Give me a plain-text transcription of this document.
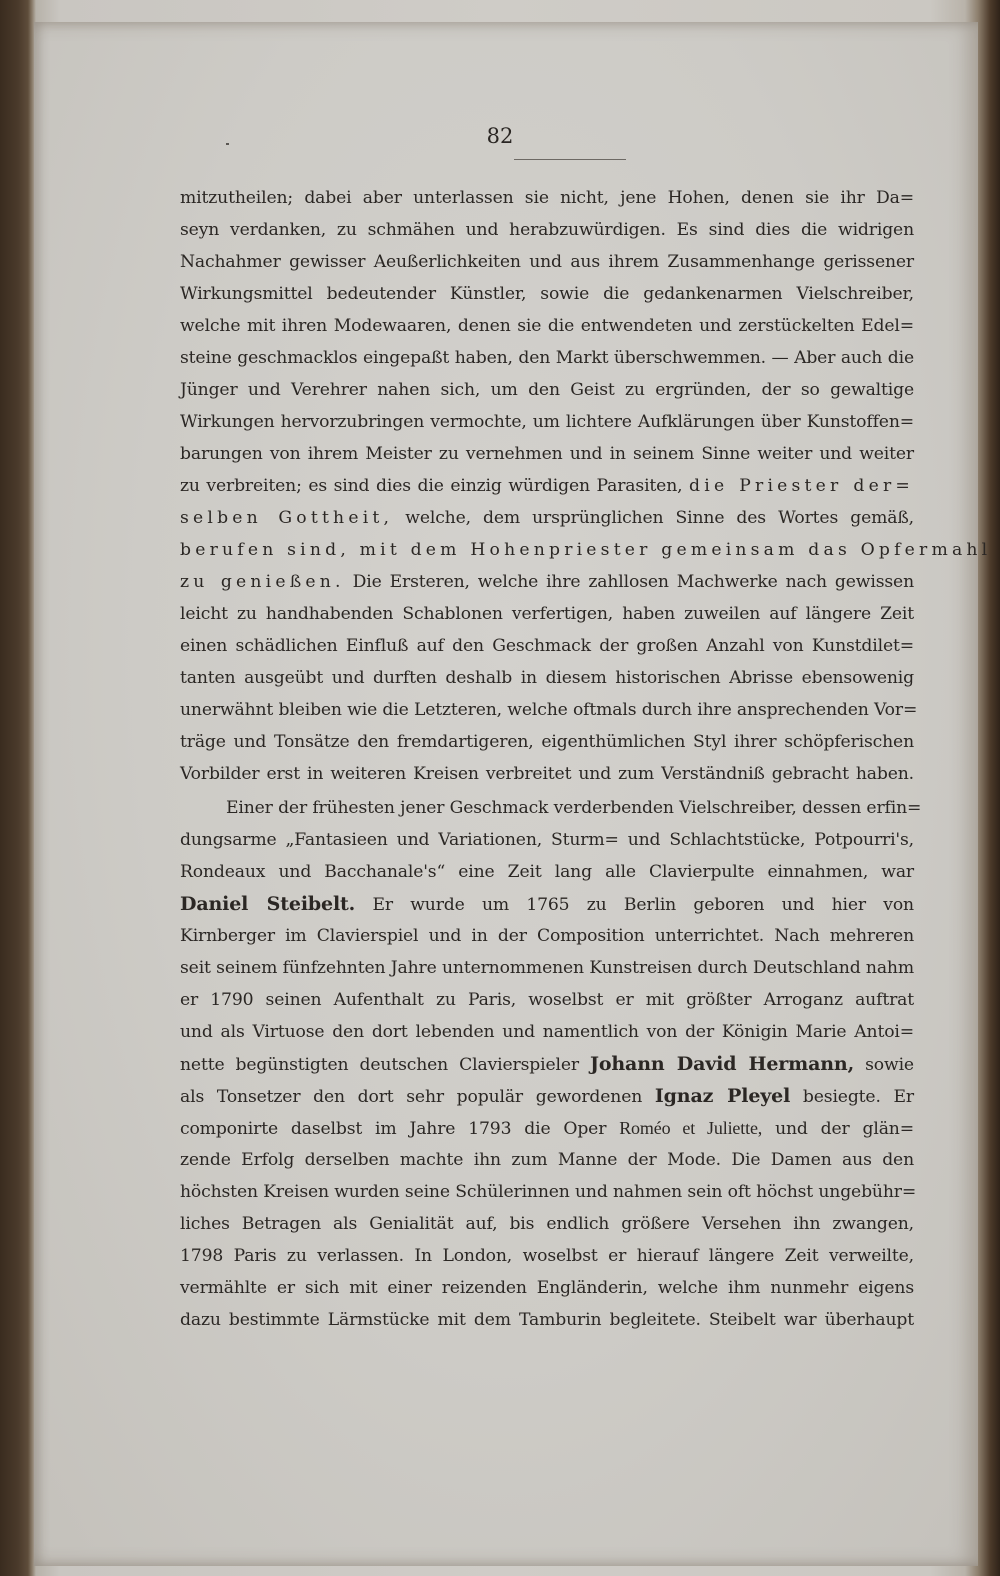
82
mitzutheilen; dabei aber unterlassen sie nicht, jene Hohen, denen sie ihr Da=
seyn verdanken, zu schmähen und herabzuwürdigen. Es sind dies die widrigen
Nachahmer gewisser Aeußerlichkeiten und aus ihrem Zusammenhange gerissener
Wirkungsmittel bedeutender Künstler, sowie die gedankenarmen Vielschreiber,
welche mit ihren Modewaaren, denen sie die entwendeten und zerstückelten Edel=
steine geschmacklos eingepaßt haben, den Markt überschwemmen. — Aber auch die
Jünger und Verehrer nahen sich, um den Geist zu ergründen, der so gewaltige
Wirkungen hervorzubringen vermochte, um lichtere Aufklärungen über Kunstoffen=
barungen von ihrem Meister zu vernehmen und in seinem Sinne weiter und weiter
zu verbreiten; es sind dies die einzig würdigen Parasiten, die Priester der=
selben Gottheit, welche, dem ursprünglichen Sinne des Wortes gemäß,
berufen sind, mit dem Hohenpriester gemeinsam das Opfermahl
zu genießen. Die Ersteren, welche ihre zahllosen Machwerke nach gewissen
leicht zu handhabenden Schablonen verfertigen, haben zuweilen auf längere Zeit
einen schädlichen Einfluß auf den Geschmack der großen Anzahl von Kunstdilet=
tanten ausgeübt und durften deshalb in diesem historischen Abrisse ebensowenig
unerwähnt bleiben wie die Letzteren, welche oftmals durch ihre ansprechenden Vor=
träge und Tonsätze den fremdartigeren, eigenthümlichen Styl ihrer schöpferischen
Vorbilder erst in weiteren Kreisen verbreitet und zum Verständniß gebracht haben.
Einer der frühesten jener Geschmack verderbenden Vielschreiber, dessen erfin=
dungsarme „Fantasieen und Variationen, Sturm= und Schlachtstücke, Potpourri's,
Rondeaux und Bacchanale's“ eine Zeit lang alle Clavierpulte einnahmen, war
Daniel Steibelt. Er wurde um 1765 zu Berlin geboren und hier von
Kirnberger im Clavierspiel und in der Composition unterrichtet. Nach mehreren
seit seinem fünfzehnten Jahre unternommenen Kunstreisen durch Deutschland nahm
er 1790 seinen Aufenthalt zu Paris, woselbst er mit größter Arroganz auftrat
und als Virtuose den dort lebenden und namentlich von der Königin Marie Antoi=
nette begünstigten deutschen Clavierspieler Johann David Hermann, sowie
als Tonsetzer den dort sehr populär gewordenen Ignaz Pleyel besiegte. Er
componirte daselbst im Jahre 1793 die Oper Roméo et Juliette, und der glän=
zende Erfolg derselben machte ihn zum Manne der Mode. Die Damen aus den
höchsten Kreisen wurden seine Schülerinnen und nahmen sein oft höchst ungebühr=
liches Betragen als Genialität auf, bis endlich größere Versehen ihn zwangen,
1798 Paris zu verlassen. In London, woselbst er hierauf längere Zeit verweilte,
vermählte er sich mit einer reizenden Engländerin, welche ihm nunmehr eigens
dazu bestimmte Lärmstücke mit dem Tamburin begleitete. Steibelt war überhaupt
